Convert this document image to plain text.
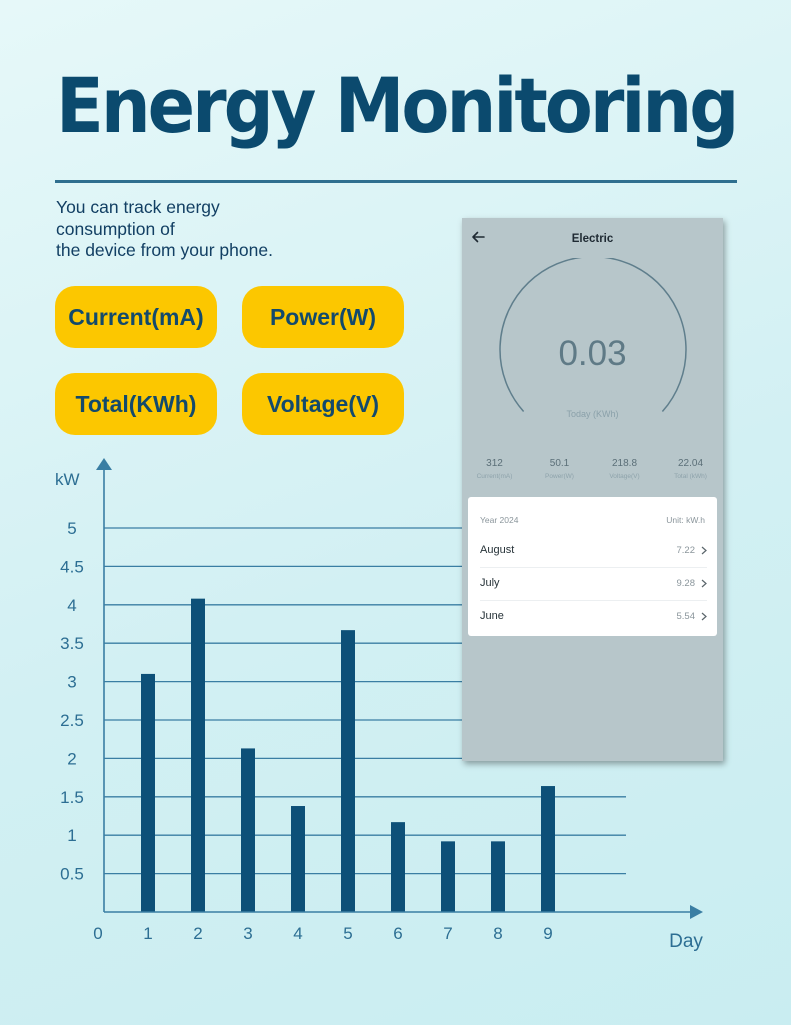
Energy Monitoring
You can track energy
consumption of
the device from your phone.
Current(mA)	Power(W)
Total(KWh)	Voltage(V)
5
4.5
4
3.5
3
2.5
2
1.5
1
0.5
1 2 3 4 5 6 7 8 9
kW
Day
0
Electric
0.03
Today (KWh)
312
Current(mA)
50.1
Power(W)
218.8
Voltage(V)
22.04
Total (kWh)
Year 2024	Unit: kW.h
August	7.22
July	9.28
June	5.54
